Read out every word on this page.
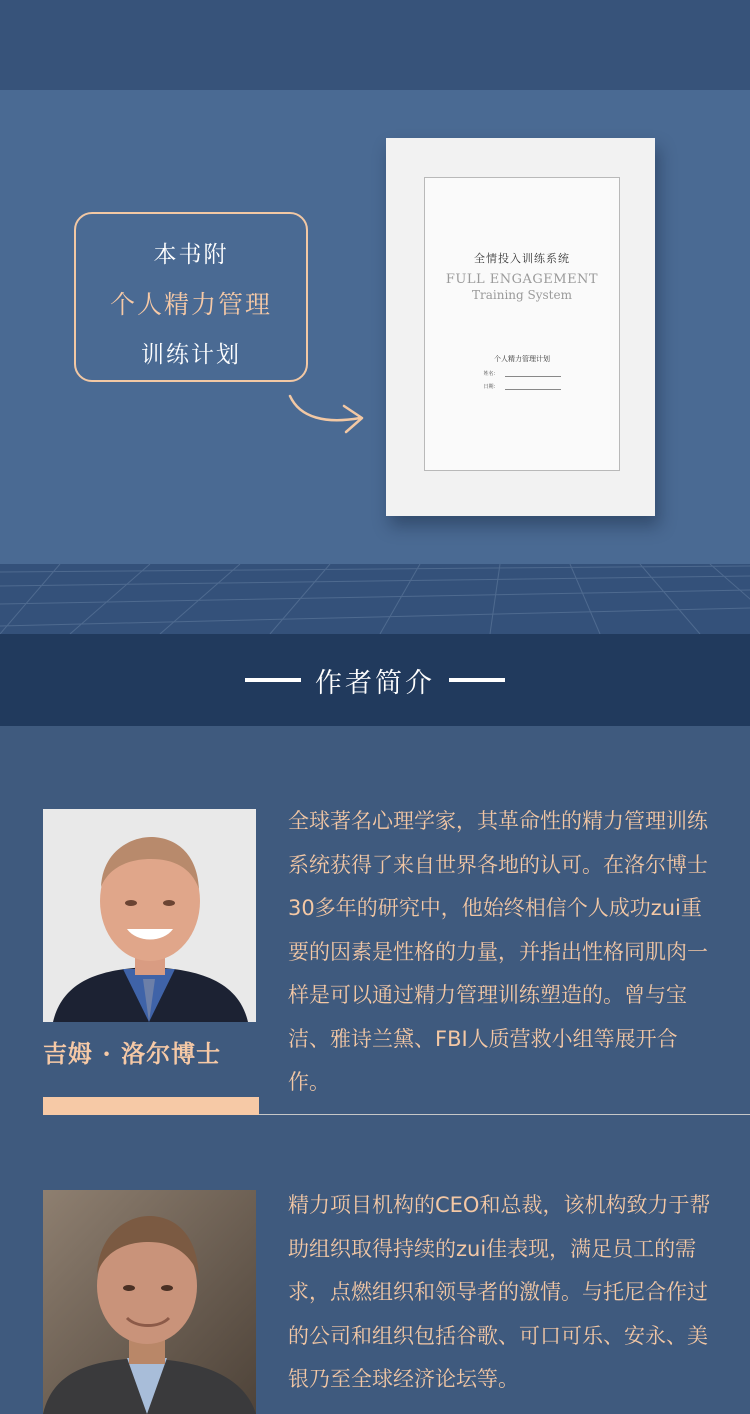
本书附
个人精力管理
训练计划
全情投入训练系统
FULL ENGAGEMENT
Training System
个人精力管理计划
姓名：
日期：
作者简介
吉姆 · 洛尔博士
全球著名心理学家，其革命性的精力管理训练系统获得了来自世界各地的认可。在洛尔博士30多年的研究中，他始终相信个人成功zui重要的因素是性格的力量，并指出性格同肌肉一样是可以通过精力管理训练塑造的。曾与宝洁、雅诗兰黛、FBI人质营救小组等展开合作。
精力项目机构的CEO和总裁，该机构致力于帮助组织取得持续的zui佳表现，满足员工的需求，点燃组织和领导者的激情。与托尼合作过的公司和组织包括谷歌、可口可乐、安永、美银乃至全球经济论坛等。
